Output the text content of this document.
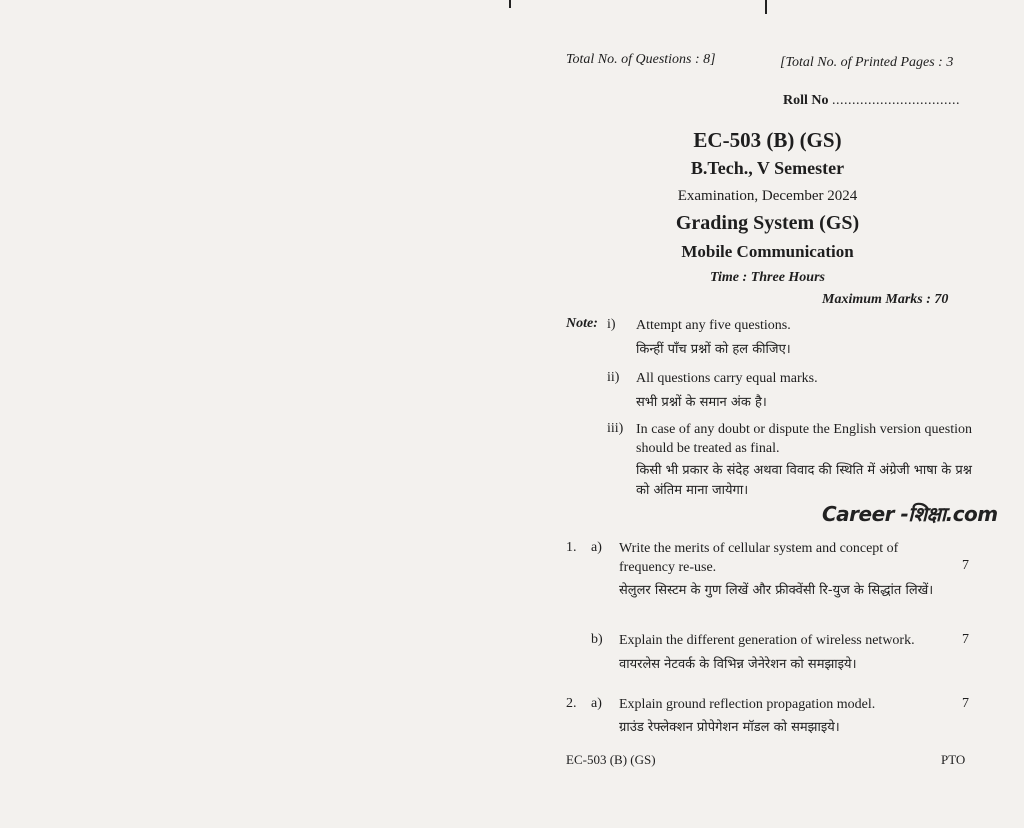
Total No. of Questions : 8]	[Total No. of Printed Pages : 3
Roll No ................................
EC-503 (B) (GS)
B.Tech., V Semester
Examination, December 2024
Grading System (GS)
Mobile Communication
Time : Three Hours
Maximum Marks : 70
Note: i) Attempt any five questions.
किन्हीं पाँच प्रश्नों को हल कीजिए।
ii) All questions carry equal marks.
सभी प्रश्नों के समान अंक है।
iii) In case of any doubt or dispute the English version question should be treated as final.
किसी भी प्रकार के संदेह अथवा विवाद की स्थिति में अंग्रेजी भाषा के प्रश्न को अंतिम माना जायेगा।
Career -शिक्षा.com
1. a) Write the merits of cellular system and concept of frequency re-use.	7
सेलुलर सिस्टम के गुण लिखें और फ्रीक्वेंसी रि-युज के सिद्धांत लिखें।
b) Explain the different generation of wireless network.	7
वायरलेस नेटवर्क के विभिन्न जेनेरेशन को समझाइये।
2. a) Explain ground reflection propagation model.	7
ग्राउंड रेफ्लेक्शन प्रोपेगेशन मॉडल को समझाइये।
EC-503 (B) (GS)	PTO
